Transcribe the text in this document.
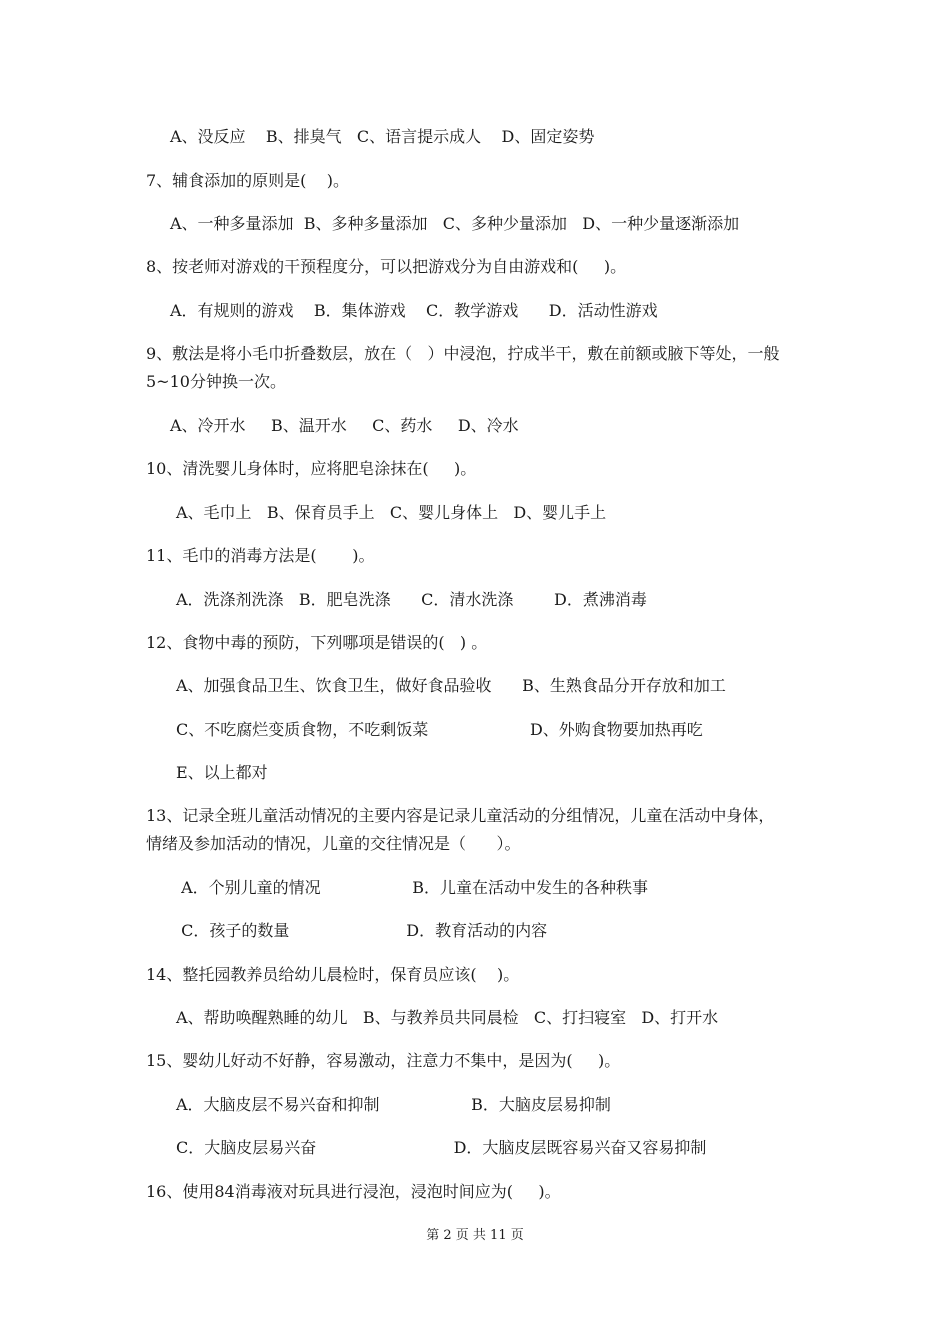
A、没反应    B、排臭气   C、语言提示成人    D、固定姿势
7、辅食添加的原则是(    )。
A、一种多量添加  B、多种多量添加   C、多种少量添加   D、一种少量逐渐添加
8、按老师对游戏的干预程度分，可以把游戏分为自由游戏和(     )。
A．有规则的游戏    B．集体游戏    C．教学游戏      D．活动性游戏
9、敷法是将小毛巾折叠数层，放在（   ）中浸泡，拧成半干，敷在前额或腋下等处，一般
5~10分钟换一次。
A、冷开水     B、温开水     C、药水     D、冷水
10、清洗婴儿身体时，应将肥皂涂抹在(     )。
A、毛巾上   B、保育员手上   C、婴儿身体上   D、婴儿手上
11、毛巾的消毒方法是(       )。
A．洗涤剂洗涤   B．肥皂洗涤      C．清水洗涤        D．煮沸消毒
12、食物中毒的预防，下列哪项是错误的(   ) 。
A、加强食品卫生、饮食卫生，做好食品验收      B、生熟食品分开存放和加工
C、不吃腐烂变质食物，不吃剩饭菜                    D、外购食物要加热再吃
E、以上都对
13、记录全班儿童活动情况的主要内容是记录儿童活动的分组情况，儿童在活动中身体，
情绪及参加活动的情况，儿童的交往情况是（      ）。
A．个别儿童的情况                  B．儿童在活动中发生的各种秩事
C．孩子的数量                       D．教育活动的内容
14、整托园教养员给幼儿晨检时，保育员应该(    )。
A、帮助唤醒熟睡的幼儿   B、与教养员共同晨检   C、打扫寝室   D、打开水
15、婴幼儿好动不好静，容易激动，注意力不集中，是因为(     )。
A．大脑皮层不易兴奋和抑制                  B．大脑皮层易抑制
C．大脑皮层易兴奋                           D．大脑皮层既容易兴奋又容易抑制
16、使用84消毒液对玩具进行浸泡，浸泡时间应为(     )。
第 2 页 共 11 页
